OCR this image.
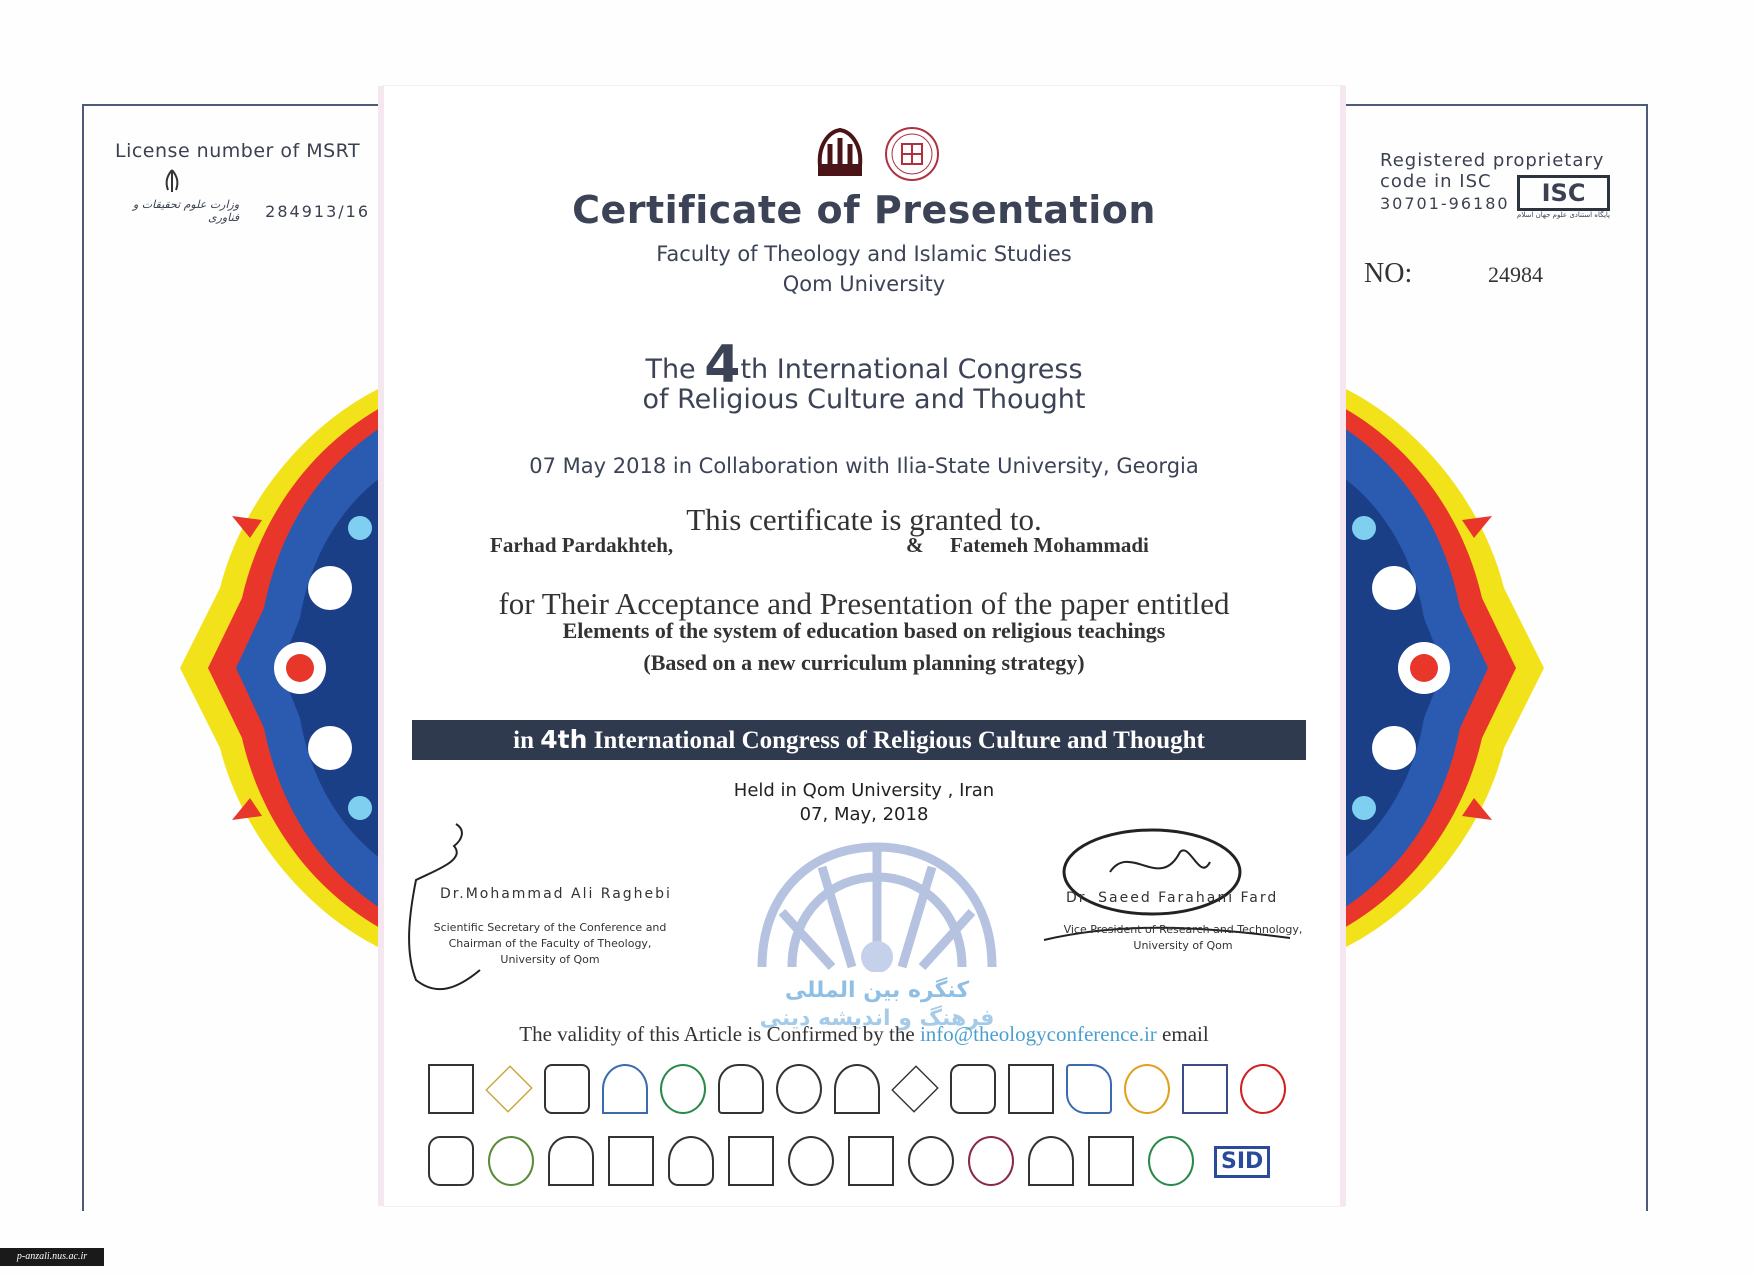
License number of MSRT
وزارت علوم تحقیقات و فناوری 284913/16
Registered proprietary
code in ISC
30701-96180	ISC
پایگاه استنادی علوم جهان اسلام
NO:	24984
Certificate of Presentation
Faculty of Theology and Islamic Studies
Qom University
The 4th International Congress
of Religious Culture and Thought
07 May 2018 in Collaboration with Ilia-State University, Georgia
This certificate is granted to.
Farhad Pardakhteh,	& Fatemeh Mohammadi
for Their Acceptance and Presentation of the paper entitled
Elements of the system of education based on religious teachings
(Based on a new curriculum planning strategy)
in 4th International Congress of Religious Culture and Thought
Held in Qom University , Iran
07, May, 2018
کنگره بین المللی
فرهنگ و اندیشه دینی
Dr.Mohammad Ali Raghebi
Scientific Secretary of the Conference and
Chairman of the Faculty of Theology,
University of Qom
Dr. Saeed Farahani Fard
Vice President of Research and Technology,
University of Qom
The validity of this Article is Confirmed by the info@theologyconference.ir email
SID
p-anzali.nus.ac.ir
